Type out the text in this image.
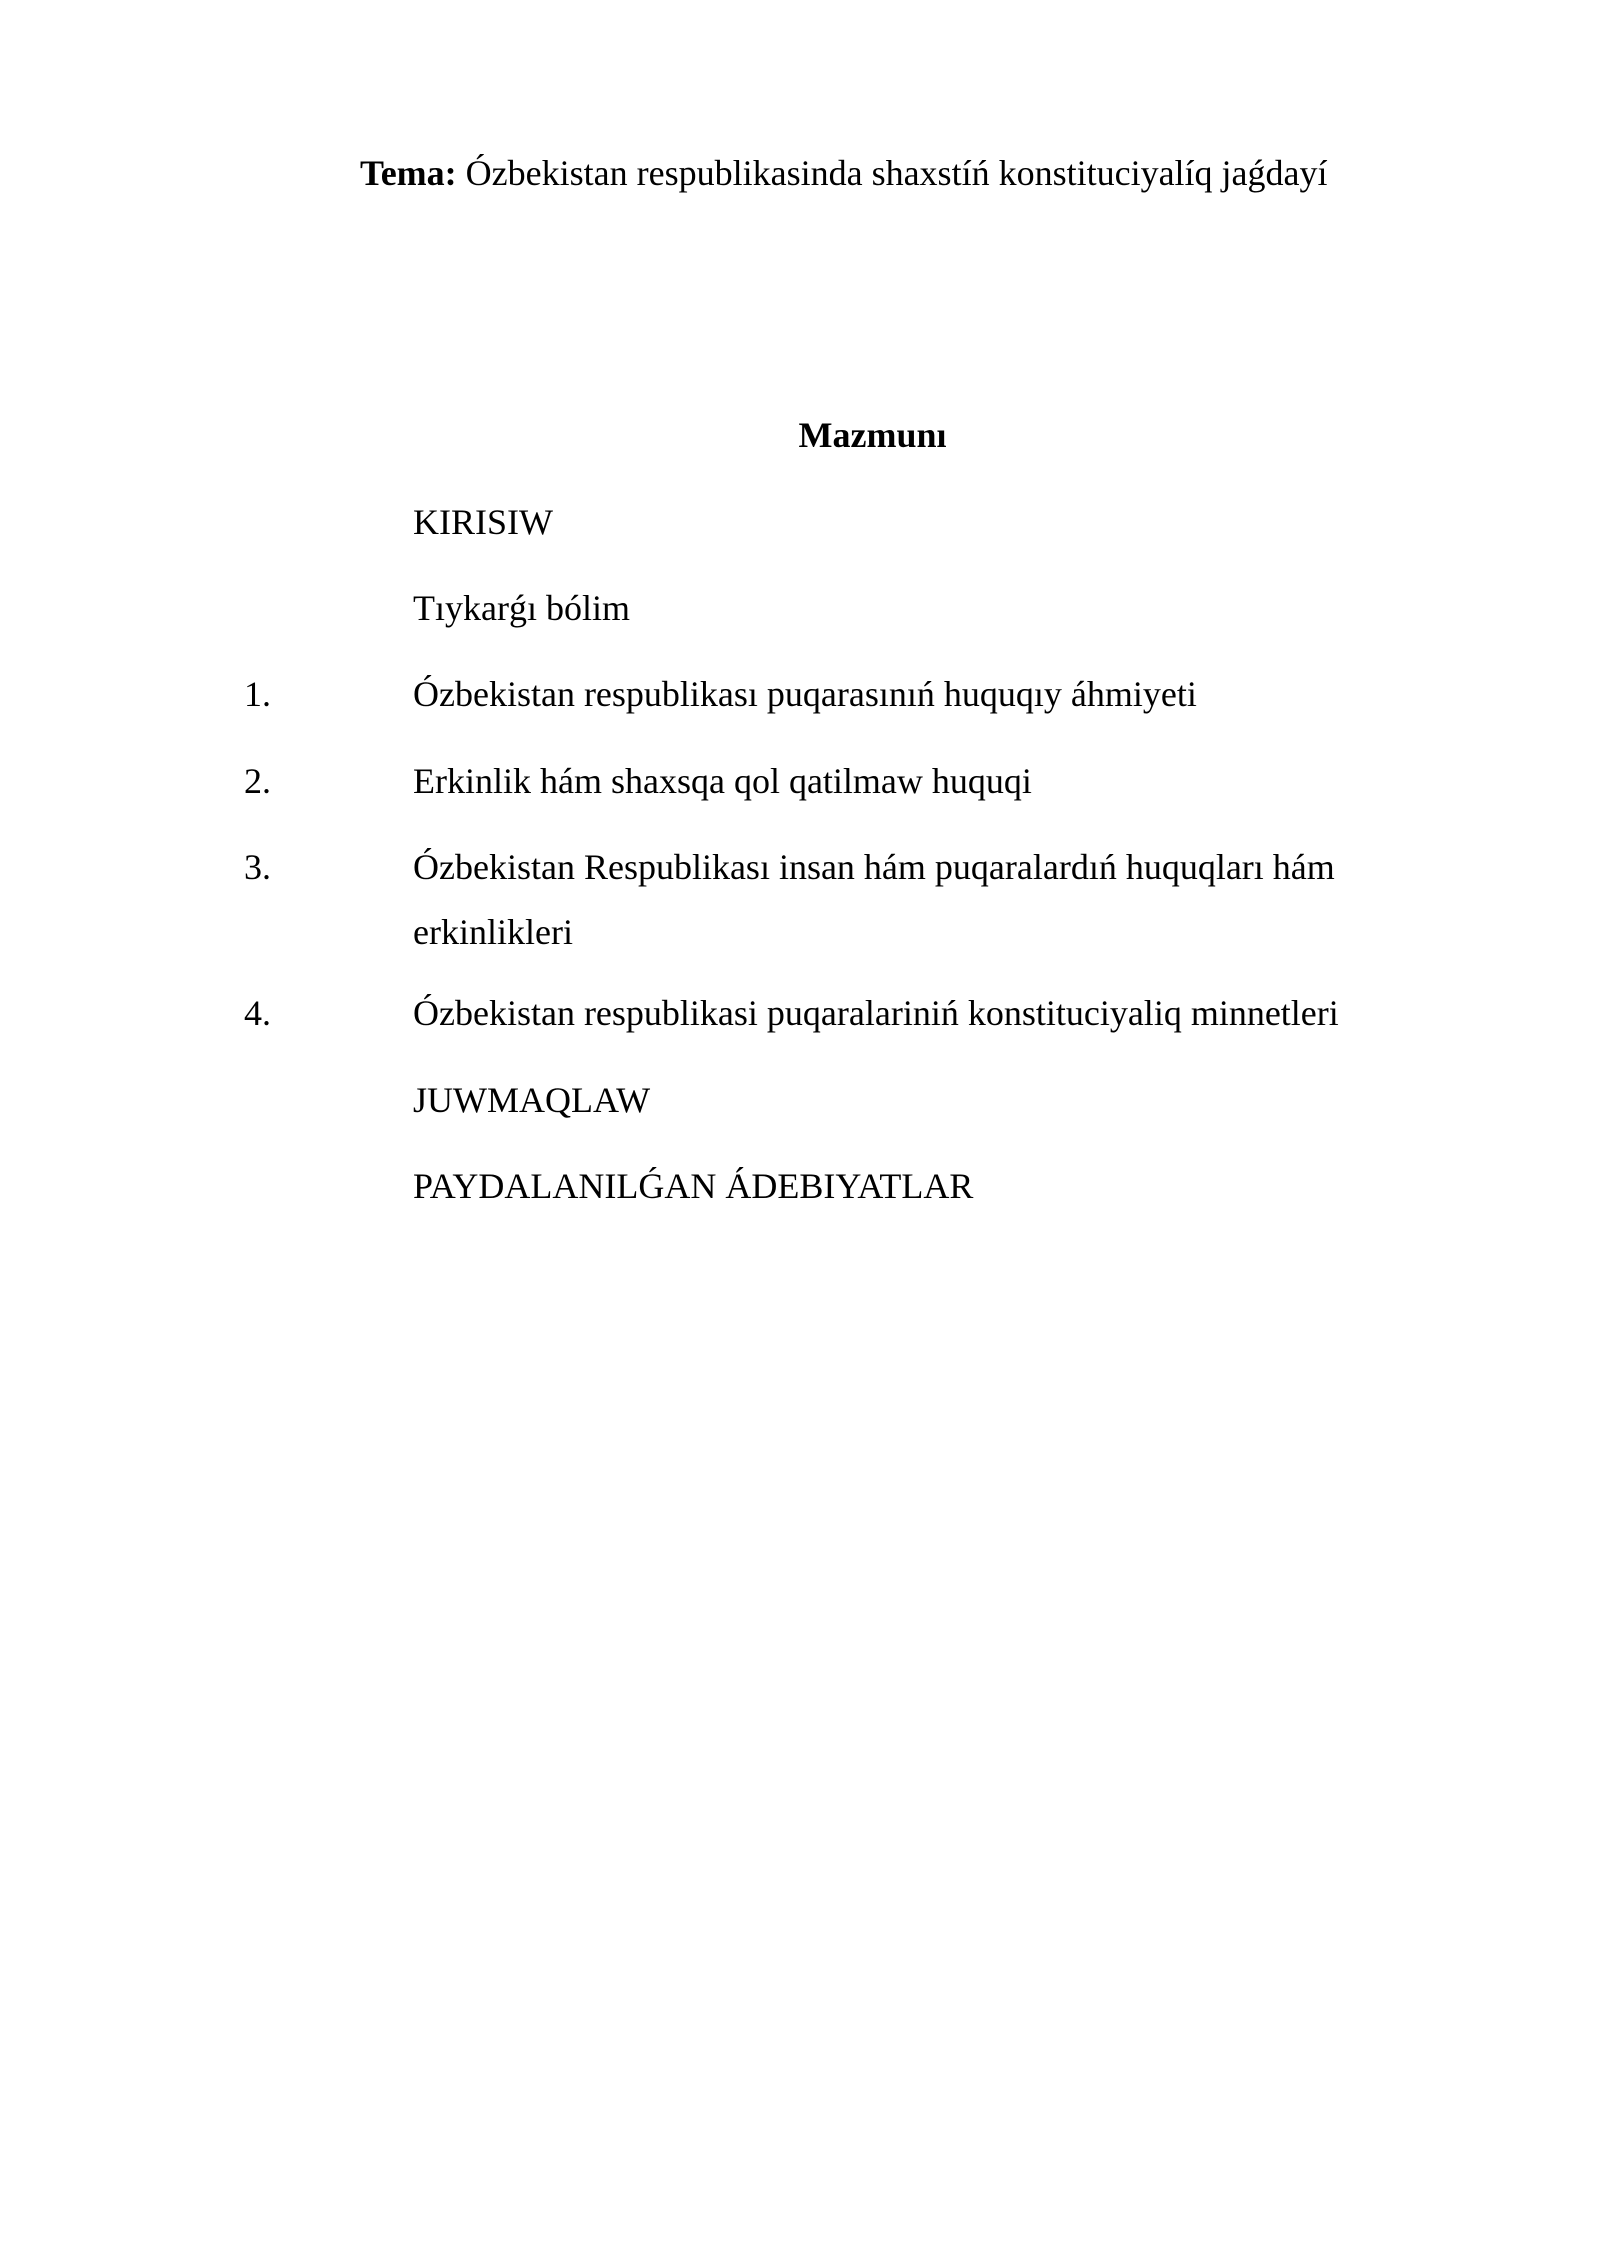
Tema: Ózbekistan respublikasinda shaxstíń konstituciyalíq jaǵdayí
Mazmunı
KIRISIW
Tıykarǵı bólim
1.	Ózbekistan respublikası puqarasınıń huquqıy áhmiyeti
2.	Erkinlik hám shaxsqa qol qatilmaw huquqi
3.	Ózbekistan Respublikası insan hám puqaralardıń huquqları hám erkinlikleri
4.	Ózbekistan respublikasi puqaralariniń konstituciyaliq minnetleri
JUWMAQLAW
PAYDALANILǴAN ÁDEBIYATLAR
